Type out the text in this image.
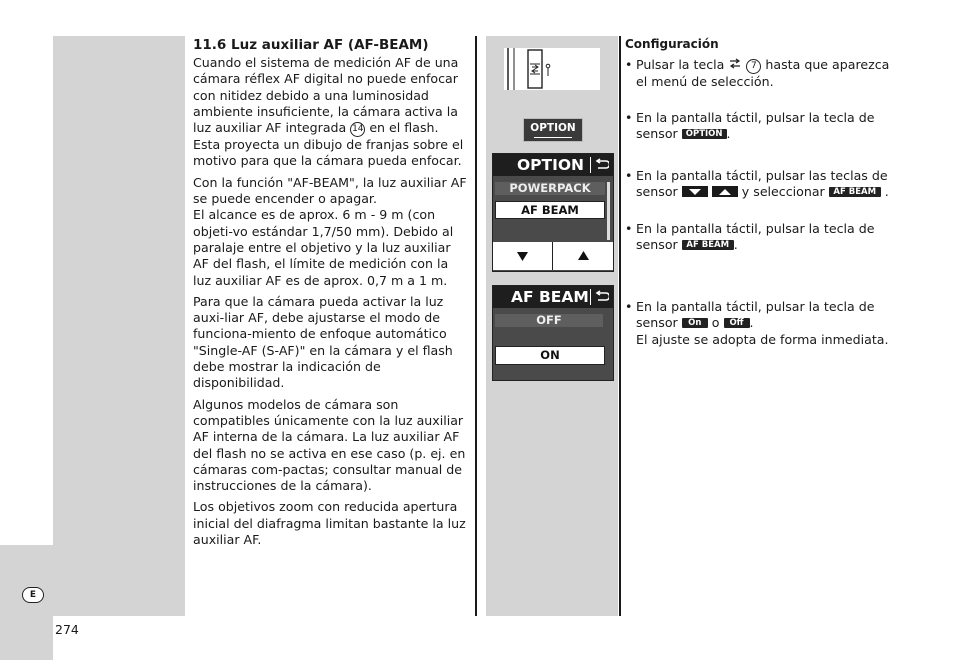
11.6 Luz auxiliar AF (AF-BEAM)

Cuando el sistema de medición AF de una cámara réflex AF digital no puede enfocar con nitidez debido a una luminosidad ambiente insuficiente, la cámara activa la luz auxiliar AF integrada 14 en el flash. Esta proyecta un dibujo de franjas sobre el motivo para que la cámara pueda enfocar.

Con la función "AF-BEAM", la luz auxiliar AF se puede encender o apagar.

El alcance es de aprox. 6 m - 9 m (con objeti-vo estándar 1,7/50 mm). Debido al paralaje entre el objetivo y la luz auxiliar AF del flash, el límite de medición con la luz auxiliar AF es de aprox. 0,7 m a 1 m.

Para que la cámara pueda activar la luz auxi-liar AF, debe ajustarse el modo de funciona-miento de enfoque automático "Single-AF (S-AF)" en la cámara y el flash debe mostrar la indicación de disponibilidad.

Algunos modelos de cámara son compatibles únicamente con la luz auxiliar AF interna de la cámara. La luz auxiliar AF del flash no se activa en ese caso (p. ej. en cámaras com-pactas; consultar manual de instrucciones de la cámara).

Los objetivos zoom con reducida apertura inicial del diafragma limitan bastante la luz auxiliar AF.

OPTION
OPTION
POWERPACK
AF BEAM
AF BEAM
OFF
ON
Configuración
• Pulsar la tecla	7 hasta que aparezca el menú de selección.
• En la pantalla táctil, pulsar la tecla de sensor OPTION .
• En la pantalla táctil, pulsar las teclas de sensor
	y seleccionar AF BEAM .
• En la pantalla táctil, pulsar la tecla de sensor AF BEAM .
• En la pantalla táctil, pulsar la tecla de sensor On o Off .
El ajuste se adopta de forma inmediata.
E
274
